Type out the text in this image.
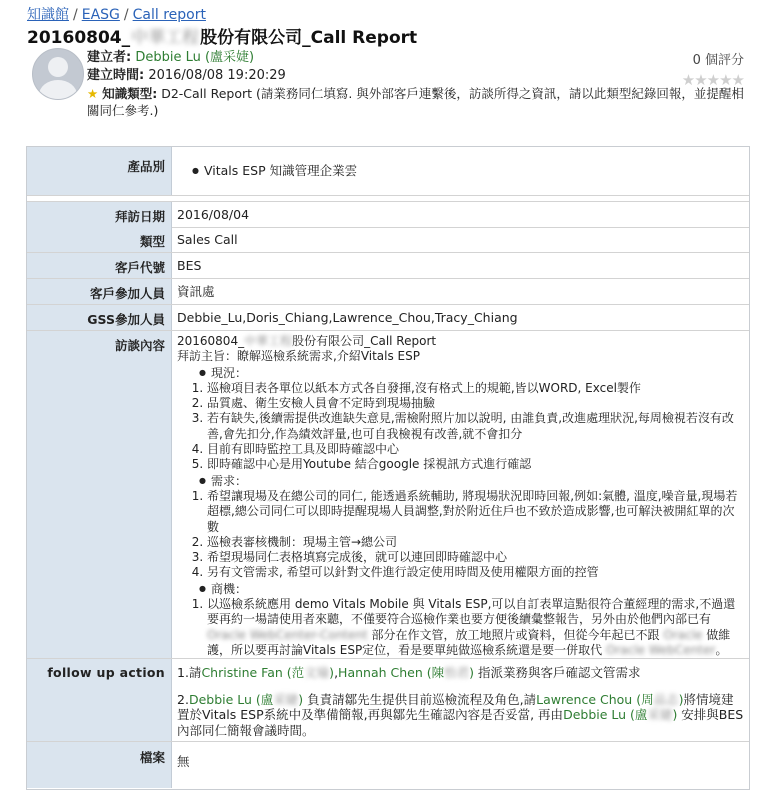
知識館 / EASG / Call report
20160804_中華工程股份有限公司_Call Report
建立者: Debbie Lu (盧采婕)
建立時間: 2016/08/08 19:20:29
0 個評分
★★★★★
★ 知識類型: D2-Call Report (請業務同仁填寫. 與外部客戶連繫後，訪談所得之資訊，請以此類型紀錄回報，並提醒相關同仁參考.)
產品別
●	Vitals ESP 知識管理企業雲
拜訪日期 2016/08/04
類型 Sales Call
客戶代號 BES
客戶參加人員 資訊處
GSS參加人員 Debbie_Lu,Doris_Chiang,Lawrence_Chou,Tracy_Chiang
訪談內容 20160804_中華工程股份有限公司_Call Report
拜訪主旨：瞭解巡檢系統需求,介紹Vitals ESP
● 現況：
1. 巡檢項目表各單位以紙本方式各自發揮,沒有格式上的規範,皆以WORD, Excel製作
2. 品質處、衛生安檢人員會不定時到現場抽驗
3. 若有缺失,後續需提供改進缺失意見,需檢附照片加以說明, 由誰負責,改進處理狀況,每周檢視若沒有改善,會先扣分,作為績效評量,也可自我檢視有改善,就不會扣分
4. 目前有即時監控工具及即時確認中心
5. 即時確認中心是用Youtube 結合google 採視訊方式進行確認
● 需求：
1. 希望讓現場及在總公司的同仁, 能透過系統輔助, 將現場狀況即時回報,例如:氣體, 溫度,噪音量,現場若超標,總公司同仁可以即時提醒現場人員調整,對於附近住戶也不致於造成影響,也可解決被開紅單的次數
2. 巡檢表審核機制：現場主管→總公司
3. 希望現場同仁表格填寫完成後，就可以連回即時確認中心
4. 另有文管需求, 希望可以針對文件進行設定使用時間及使用權限方面的控管
● 商機：
1. 以巡檢系統應用 demo Vitals Mobile 與 Vitals ESP,可以自訂表單這點很符合董經理的需求,不過還要再約一場請使用者來聽，不僅要符合巡檢作業也要方便後續彙整報告，另外由於他們內部已有 Oracle WebCenter-Content 部分在作文管，放工地照片或資料，但從今年起已不跟 Oracle 做維護，所以要再討論Vitals ESP定位，看是要單純做巡檢系統還是要一併取代 Oracle WebCenter。
follow up action 1.請Christine Fan (范文瑜),Hannah Chen (陳怡君) 指派業務與客戶確認文管需求
2.Debbie Lu (盧采婕) 負責請鄒先生提供目前巡檢流程及角色,請Lawrence Chou (周品志)將情境建置於Vitals ESP系統中及準備簡報,再與鄒先生確認內容是否妥當, 再由Debbie Lu (盧采婕) 安排與BES內部同仁簡報會議時間。
檔案 無
